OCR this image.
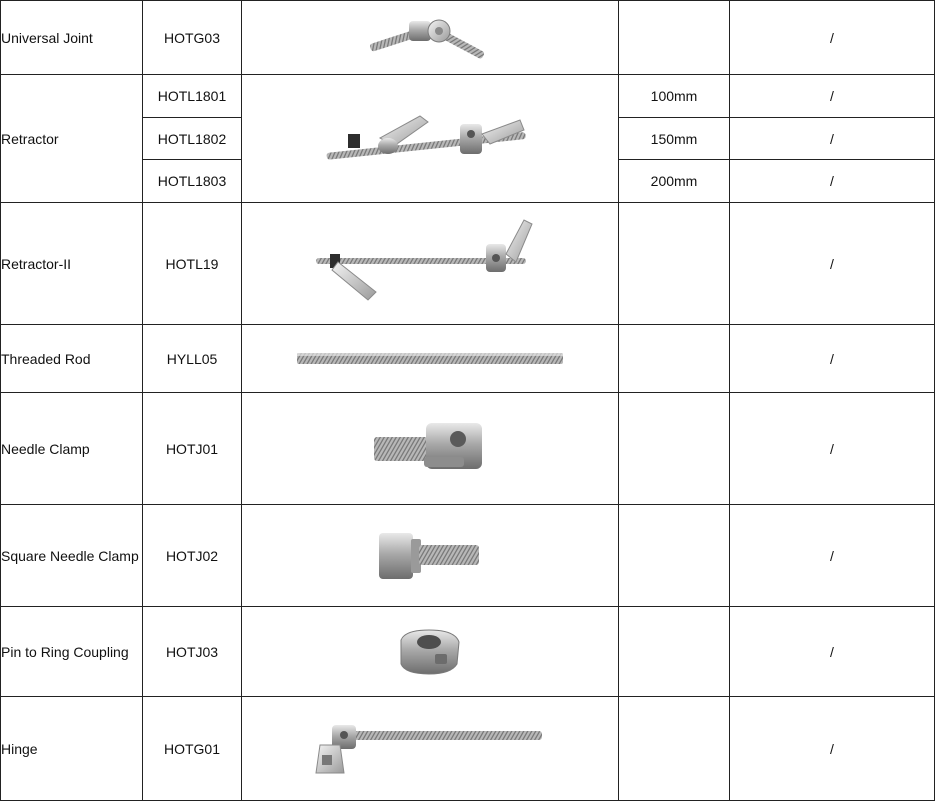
Universal Joint	HOTG03			/
Retractor	HOTL1801		100mm	/
	HOTL1802		150mm	/
	HOTL1803		200mm	/
Retractor-II	HOTL19			/
Threaded Rod	HYLL05			/
Needle Clamp	HOTJ01			/
Square Needle Clamp	HOTJ02			/
Pin to Ring Coupling	HOTJ03			/
Hinge	HOTG01			/
